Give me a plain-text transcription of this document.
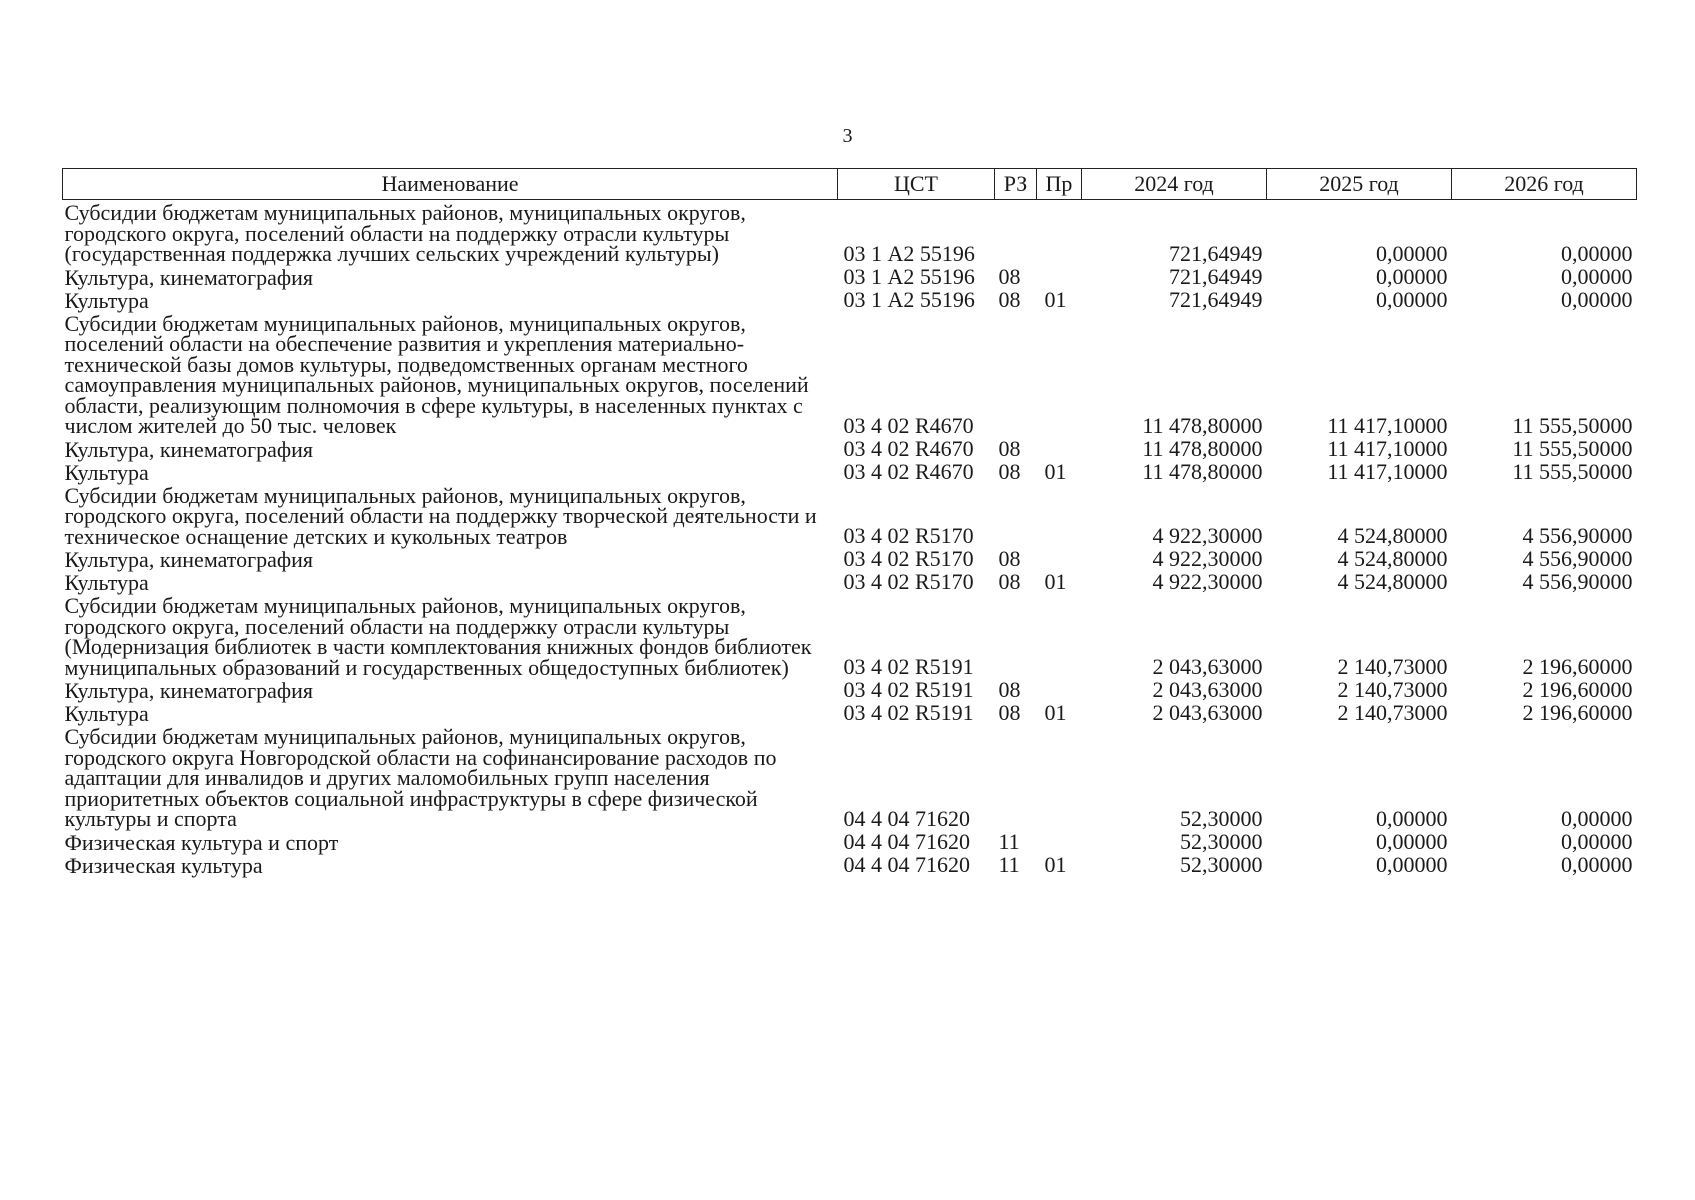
3
Наименование	ЦСТ	РЗ	Пр	2024 год	2025 год	2026 год
Субсидии бюджетам муниципальных районов, муниципальных округов, городского округа, поселений области на поддержку отрасли культуры (государственная поддержка лучших сельских учреждений культуры)	03 1 А2 55196			721,64949	0,00000	0,00000
Культура, кинематография	03 1 А2 55196	08		721,64949	0,00000	0,00000
Культура	03 1 А2 55196	08	01	721,64949	0,00000	0,00000
Субсидии бюджетам муниципальных районов, муниципальных округов, поселений области на обеспечение развития и укрепления материально-технической базы домов культуры, подведомственных органам местного самоуправления муниципальных районов, муниципальных округов, поселений области, реализующим полномочия в сфере культуры, в населенных пунктах с числом жителей до 50 тыс. человек	03 4 02 R4670			11 478,80000	11 417,10000	11 555,50000
Культура, кинематография	03 4 02 R4670	08		11 478,80000	11 417,10000	11 555,50000
Культура	03 4 02 R4670	08	01	11 478,80000	11 417,10000	11 555,50000
Субсидии бюджетам муниципальных районов, муниципальных округов, городского округа, поселений области на поддержку творческой деятельности и техническое оснащение детских и кукольных театров	03 4 02 R5170			4 922,30000	4 524,80000	4 556,90000
Культура, кинематография	03 4 02 R5170	08		4 922,30000	4 524,80000	4 556,90000
Культура	03 4 02 R5170	08	01	4 922,30000	4 524,80000	4 556,90000
Субсидии бюджетам муниципальных районов, муниципальных округов, городского округа, поселений области на поддержку отрасли культуры (Модернизация библиотек в части комплектования книжных фондов библиотек муниципальных образований и государственных общедоступных библиотек)	03 4 02 R5191			2 043,63000	2 140,73000	2 196,60000
Культура, кинематография	03 4 02 R5191	08		2 043,63000	2 140,73000	2 196,60000
Культура	03 4 02 R5191	08	01	2 043,63000	2 140,73000	2 196,60000
Субсидии бюджетам муниципальных районов, муниципальных округов, городского округа Новгородской области на софинансирование расходов по адаптации для инвалидов и других маломобильных групп населения приоритетных объектов социальной инфраструктуры в сфере физической культуры и спорта	04 4 04 71620			52,30000	0,00000	0,00000
Физическая культура и спорт	04 4 04 71620	11		52,30000	0,00000	0,00000
Физическая культура	04 4 04 71620	11	01	52,30000	0,00000	0,00000
